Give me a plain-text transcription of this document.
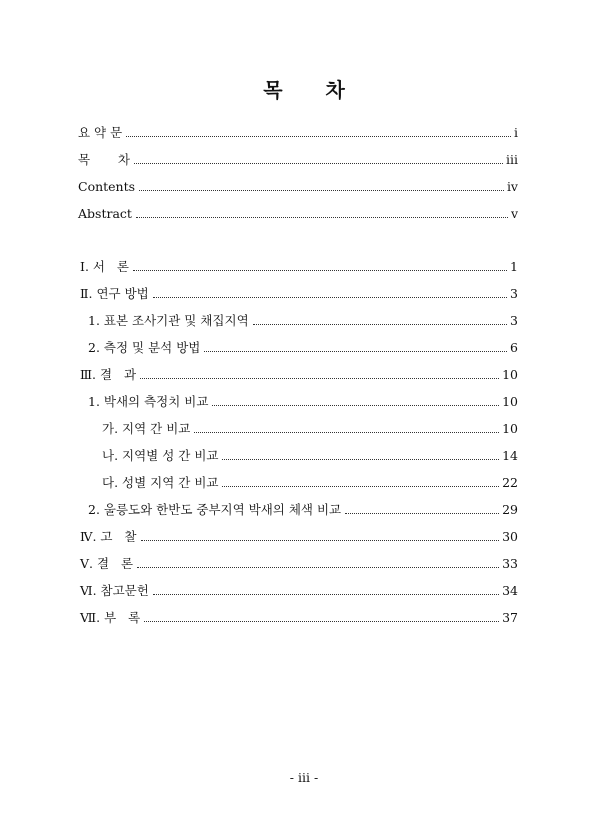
목 차
요 약 문	i
목       차	iii
Contents	iv
Abstract	v
Ⅰ. 서   론	1
Ⅱ. 연구 방법	3
1. 표본 조사기관 및 채집지역	3
2. 측정 및 분석 방법	6
Ⅲ. 결   과	10
1. 박새의 측정치 비교	10
가. 지역 간 비교	10
나. 지역별 성 간 비교	14
다. 성별 지역 간 비교	22
2. 울릉도와 한반도 중부지역 박새의 체색 비교	29
Ⅳ. 고   찰	30
Ⅴ. 결   론	33
Ⅵ. 참고문헌	34
Ⅶ. 부   록	37
- iii -
